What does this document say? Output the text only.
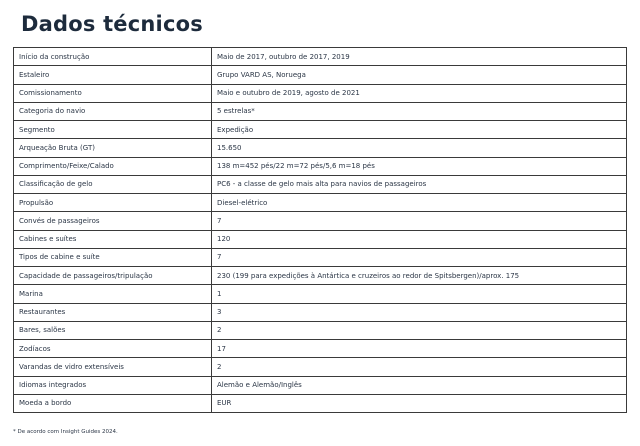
Dados técnicos
Início da construção	Maio de 2017, outubro de 2017, 2019
Estaleiro	Grupo VARD AS, Noruega
Comissionamento	Maio e outubro de 2019, agosto de 2021
Categoria do navio	5 estrelas*
Segmento	Expedição
Arqueação Bruta (GT)	15.650
Comprimento/Feixe/Calado	138 m=452 pés/22 m=72 pés/5,6 m=18 pés
Classificação de gelo	PC6 - a classe de gelo mais alta para navios de passageiros
Propulsão	Diesel-elétrico
Convés de passageiros	7
Cabines e suítes	120
Tipos de cabine e suíte	7
Capacidade de passageiros/tripulação	230 (199 para expedições à Antártica e cruzeiros ao redor de Spitsbergen)/aprox. 175
Marina	1
Restaurantes	3
Bares, salões	2
Zodíacos	17
Varandas de vidro extensíveis	2
Idiomas integrados	Alemão e Alemão/Inglês
Moeda a bordo	EUR
* De acordo com Insight Guides 2024.
